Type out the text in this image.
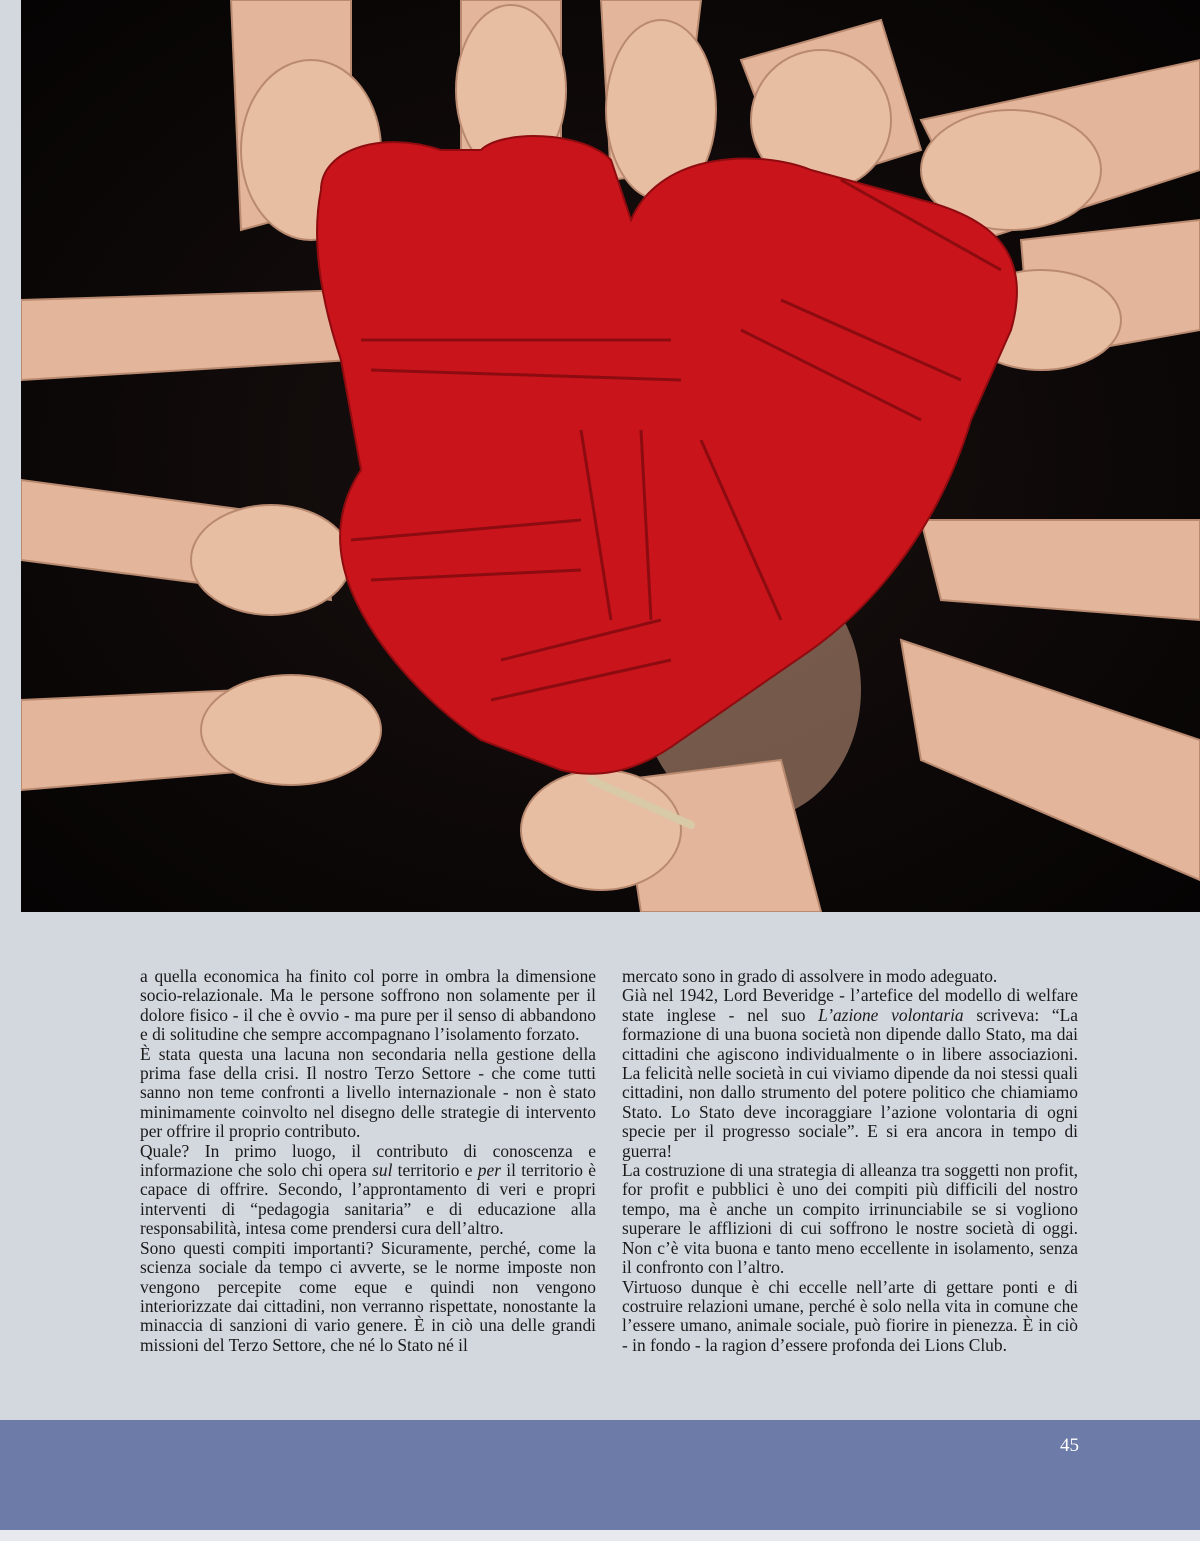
a quella economica ha finito col porre in ombra la dimensione socio-relazionale. Ma le persone soffrono non solamente per il dolore fisico - il che è ovvio - ma pure per il senso di abbandono e di solitudine che sempre accompagnano l’isolamento forzato.

È stata questa una lacuna non secondaria nella gestione della prima fase della crisi. Il nostro Terzo Settore - che come tutti sanno non teme confronti a livello internazionale - non è stato minimamente coinvolto nel disegno delle strategie di intervento per offrire il proprio contributo.

Quale? In primo luogo, il contributo di conoscenza e informazione che solo chi opera sul territorio e per il territorio è capace di offrire. Secondo, l’approntamento di veri e propri interventi di “pedagogia sanitaria” e di educazione alla responsabilità, intesa come prendersi cura dell’altro.

Sono questi compiti importanti? Sicuramente, perché, come la scienza sociale da tempo ci avverte, se le norme imposte non vengono percepite come eque e quindi non vengono interiorizzate dai cittadini, non verranno rispettate, nonostante la minaccia di sanzioni di vario genere. È in ciò una delle grandi missioni del Terzo Settore, che né lo Stato né il

mercato sono in grado di assolvere in modo adeguato.

Già nel 1942, Lord Beveridge - l’artefice del modello di welfare state inglese - nel suo L’azione volontaria scriveva: “La formazione di una buona società non dipende dallo Stato, ma dai cittadini che agiscono individualmente o in libere associazioni. La felicità nelle società in cui viviamo dipende da noi stessi quali cittadini, non dallo strumento del potere politico che chiamiamo Stato. Lo Stato deve incoraggiare l’azione volontaria di ogni specie per il progresso sociale”. E si era ancora in tempo di guerra!

La costruzione di una strategia di alleanza tra soggetti non profit, for profit e pubblici è uno dei compiti più difficili del nostro tempo, ma è anche un compito irrinunciabile se si vogliono superare le afflizioni di cui soffrono le nostre società di oggi. Non c’è vita buona e tanto meno eccellente in isolamento, senza il confronto con l’altro.

Virtuoso dunque è chi eccelle nell’arte di gettare ponti e di costruire relazioni umane, perché è solo nella vita in comune che l’essere umano, animale sociale, può fiorire in pienezza. È in ciò - in fondo - la ragion d’essere profonda dei Lions Club.

45
